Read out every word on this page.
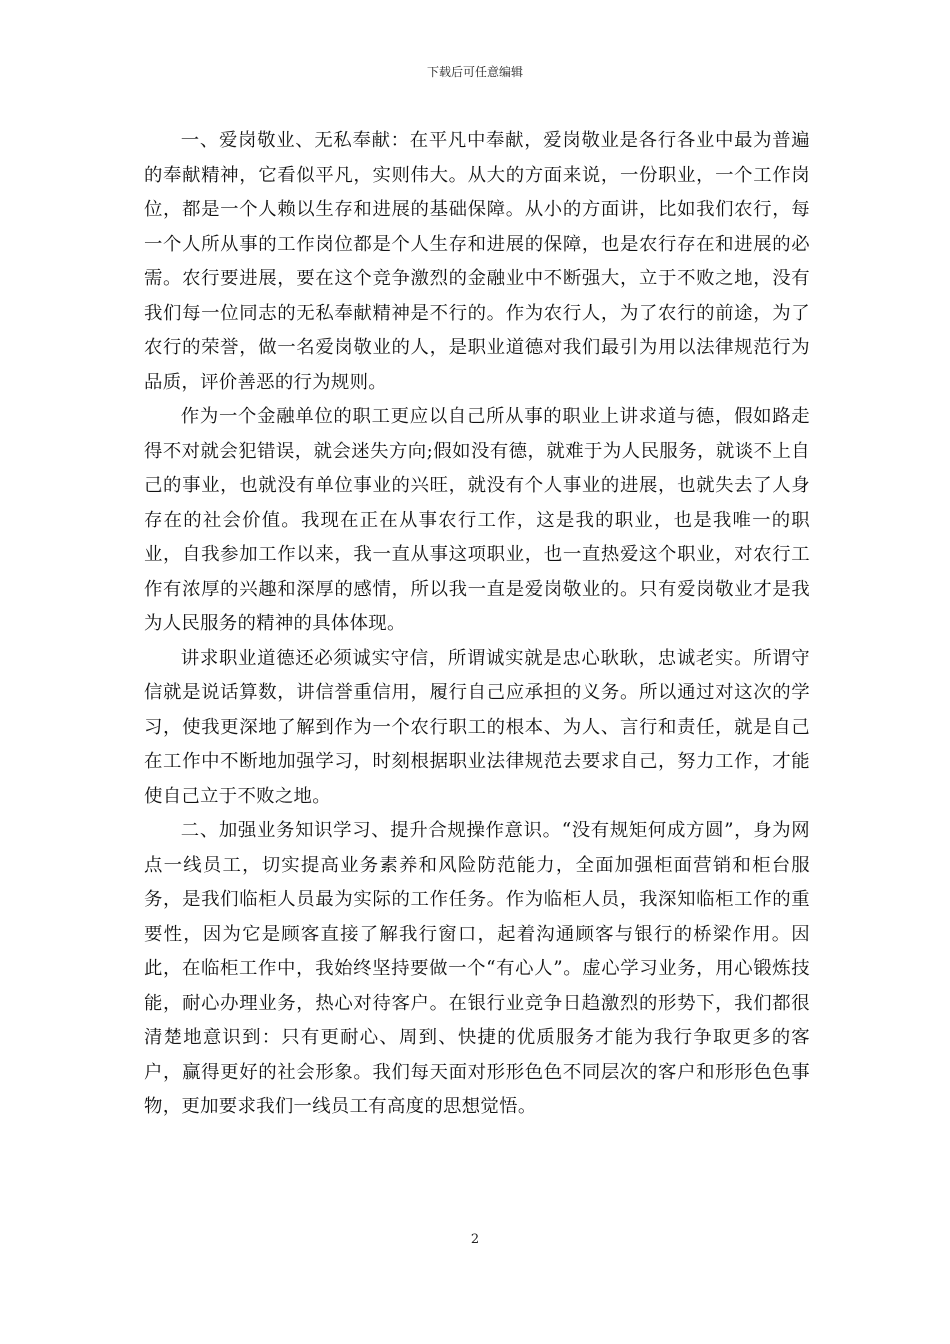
下载后可任意编辑

一、爱岗敬业、无私奉献：在平凡中奉献，爱岗敬业是各行各业中最为普遍的奉献精神，它看似平凡，实则伟大。从大的方面来说，一份职业，一个工作岗位，都是一个人赖以生存和进展的基础保障。从小的方面讲，比如我们农行，每一个人所从事的工作岗位都是个人生存和进展的保障，也是农行存在和进展的必需。农行要进展，要在这个竞争激烈的金融业中不断强大，立于不败之地，没有我们每一位同志的无私奉献精神是不行的。作为农行人，为了农行的前途，为了农行的荣誉，做一名爱岗敬业的人，是职业道德对我们最引为用以法律规范行为品质，评价善恶的行为规则。

作为一个金融单位的职工更应以自己所从事的职业上讲求道与德，假如路走得不对就会犯错误，就会迷失方向;假如没有德，就难于为人民服务，就谈不上自己的事业，也就没有单位事业的兴旺，就没有个人事业的进展，也就失去了人身存在的社会价值。我现在正在从事农行工作，这是我的职业，也是我唯一的职业，自我参加工作以来，我一直从事这项职业，也一直热爱这个职业，对农行工作有浓厚的兴趣和深厚的感情，所以我一直是爱岗敬业的。只有爱岗敬业才是我为人民服务的精神的具体体现。

讲求职业道德还必须诚实守信，所谓诚实就是忠心耿耿，忠诚老实。所谓守信就是说话算数，讲信誉重信用，履行自己应承担的义务。所以通过对这次的学习，使我更深地了解到作为一个农行职工的根本、为人、言行和责任，就是自己在工作中不断地加强学习，时刻根据职业法律规范去要求自己，努力工作，才能使自己立于不败之地。

二、加强业务知识学习、提升合规操作意识。“没有规矩何成方圆”，身为网点一线员工，切实提高业务素养和风险防范能力，全面加强柜面营销和柜台服务，是我们临柜人员最为实际的工作任务。作为临柜人员，我深知临柜工作的重要性，因为它是顾客直接了解我行窗口，起着沟通顾客与银行的桥梁作用。因此，在临柜工作中，我始终坚持要做一个“有心人”。虚心学习业务，用心锻炼技能，耐心办理业务，热心对待客户。在银行业竞争日趋激烈的形势下，我们都很清楚地意识到：只有更耐心、周到、快捷的优质服务才能为我行争取更多的客户，赢得更好的社会形象。我们每天面对形形色色不同层次的客户和形形色色事物，更加要求我们一线员工有高度的思想觉悟。

2
